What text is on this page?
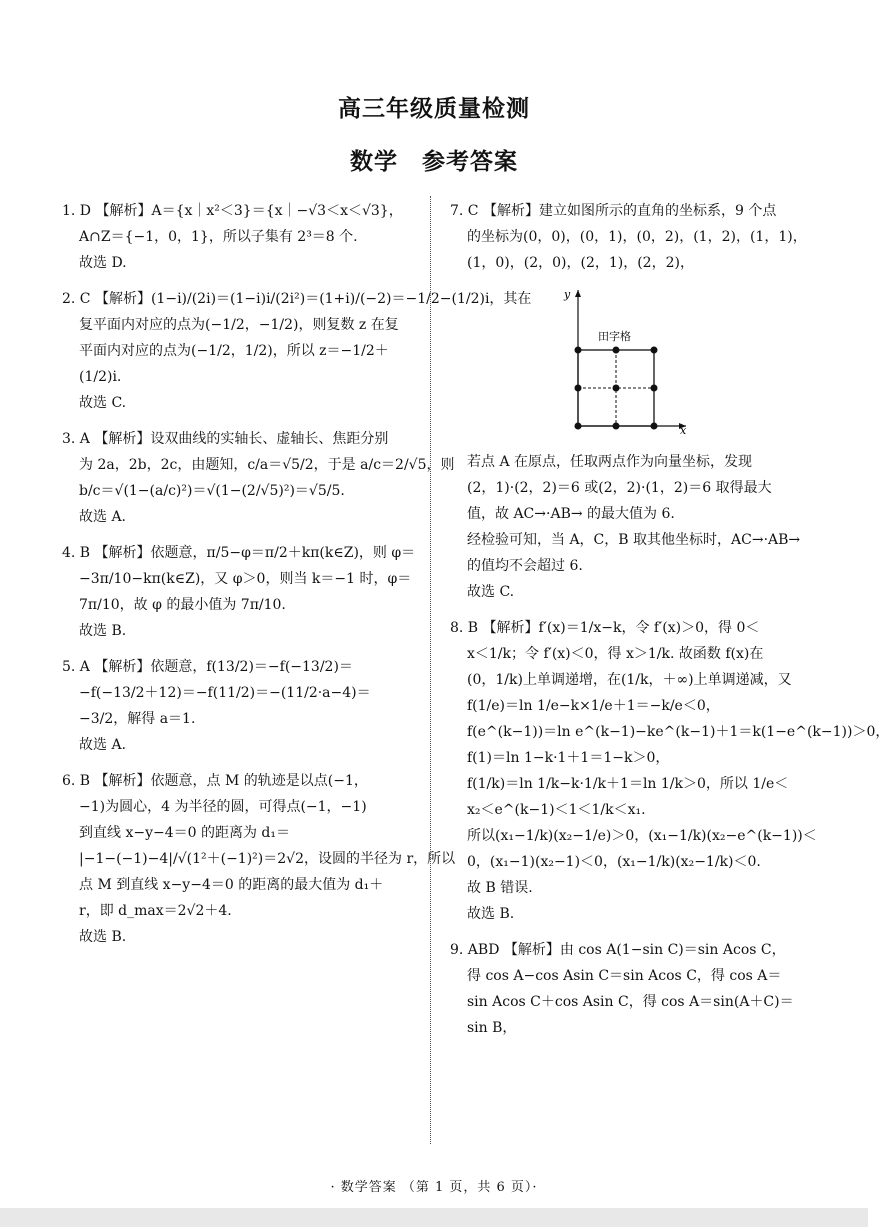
高三年级质量检测
数学　参考答案

1. D 【解析】A＝{x｜x²＜3}＝{x｜−√3＜x＜√3}，

A∩Z＝{−1，0，1}，所以子集有 2³＝8 个.

故选 D.

2. C 【解析】(1−i)/(2i)＝(1−i)i/(2i²)＝(1+i)/(−2)＝−1/2−(1/2)i，其在

复平面内对应的点为(−1/2，−1/2)，则复数 z 在复

平面内对应的点为(−1/2，1/2)，所以 z＝−1/2＋

(1/2)i.

故选 C.

3. A 【解析】设双曲线的实轴长、虚轴长、焦距分别

为 2a，2b，2c，由题知，c/a＝√5/2，于是 a/c＝2/√5，则

b/c＝√(1−(a/c)²)＝√(1−(2/√5)²)＝√5/5.

故选 A.

4. B 【解析】依题意，π/5−φ＝π/2＋kπ(k∈Z)，则 φ＝

−3π/10−kπ(k∈Z)，又 φ＞0，则当 k＝−1 时，φ＝

7π/10，故 φ 的最小值为 7π/10.

故选 B.

5. A 【解析】依题意，f(13/2)＝−f(−13/2)＝

−f(−13/2＋12)＝−f(11/2)＝−(11/2·a−4)＝

−3/2，解得 a＝1.

故选 A.

6. B 【解析】依题意，点 M 的轨迹是以点(−1，

−1)为圆心，4 为半径的圆，可得点(−1，−1)

到直线 x−y−4＝0 的距离为 d₁＝

|−1−(−1)−4|/√(1²＋(−1)²)＝2√2，设圆的半径为 r，所以

点 M 到直线 x−y−4＝0 的距离的最大值为 d₁＋

r，即 d_max＝2√2＋4.

故选 B.

7. C 【解析】建立如图所示的直角的坐标系，9 个点

的坐标为(0，0)，(0，1)，(0，2)，(1，2)，(1，1)，

(1，0)，(2，0)，(2，1)，(2，2)，

x
y
田字格

若点 A 在原点，任取两点作为向量坐标，发现

(2，1)·(2，2)＝6 或(2，2)·(1，2)＝6 取得最大

值，故 AC→·AB→ 的最大值为 6.

经检验可知，当 A，C，B 取其他坐标时，AC→·AB→

的值均不会超过 6.

故选 C.

8. B 【解析】f′(x)＝1/x−k，令 f′(x)＞0，得 0＜

x＜1/k；令 f′(x)＜0，得 x＞1/k. 故函数 f(x)在

(0，1/k)上单调递增，在(1/k，＋∞)上单调递减，又

f(1/e)＝ln 1/e−k×1/e＋1＝−k/e＜0，

f(e^(k−1))＝ln e^(k−1)−ke^(k−1)＋1＝k(1−e^(k−1))＞0，

f(1)＝ln 1−k·1＋1＝1−k＞0，

f(1/k)＝ln 1/k−k·1/k＋1＝ln 1/k＞0，所以 1/e＜

x₂＜e^(k−1)＜1＜1/k＜x₁.

所以(x₁−1/k)(x₂−1/e)＞0，(x₁−1/k)(x₂−e^(k−1))＜

0，(x₁−1)(x₂−1)＜0，(x₁−1/k)(x₂−1/k)＜0.

故 B 错误.

故选 B.

9. ABD 【解析】由 cos A(1−sin C)＝sin Acos C，

得 cos A−cos Asin C＝sin Acos C，得 cos A＝

sin Acos C＋cos Asin C，得 cos A＝sin(A＋C)＝

sin B，

· 数学答案 （第 1 页，共 6 页）·
